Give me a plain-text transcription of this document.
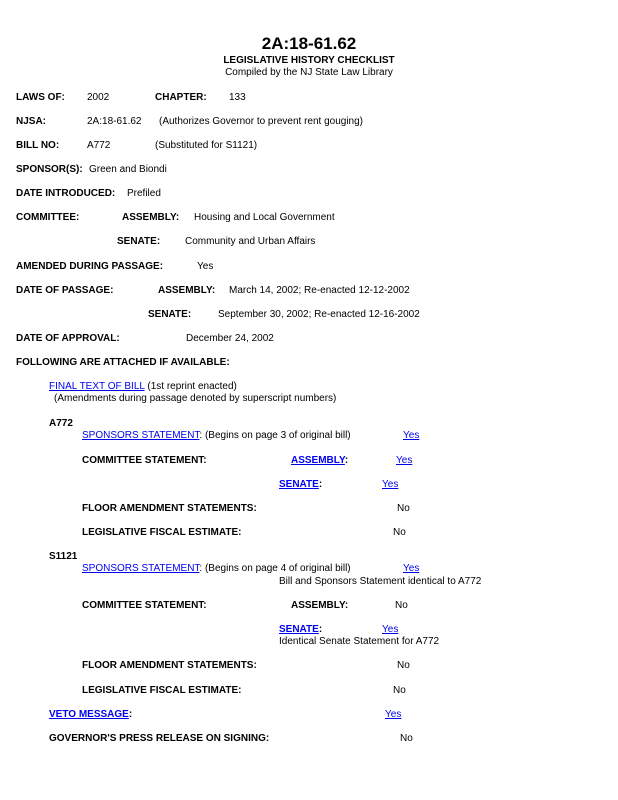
2A:18-61.62
LEGISLATIVE HISTORY CHECKLIST
Compiled by the NJ State Law Library
LAWS OF: 2002	CHAPTER: 133
NJSA:	2A:18-61.62 (Authorizes Governor to prevent rent gouging)
BILL NO:	A772	(Substituted for S1121)
SPONSOR(S): Green and Biondi
DATE INTRODUCED: Prefiled
COMMITTEE:	ASSEMBLY: Housing and Local Government
SENATE: Community and Urban Affairs
AMENDED DURING PASSAGE:	Yes
DATE OF PASSAGE:	ASSEMBLY: March 14, 2002; Re-enacted 12-12-2002
SENATE:	September 30, 2002; Re-enacted 12-16-2002
DATE OF APPROVAL:	December 24, 2002
FOLLOWING ARE ATTACHED IF AVAILABLE:
FINAL TEXT OF BILL (1st reprint enacted)
(Amendments during passage denoted by superscript numbers)
A772
SPONSORS STATEMENT: (Begins on page 3 of original bill)	Yes
COMMITTEE STATEMENT:	ASSEMBLY:	Yes
SENATE:	Yes
FLOOR AMENDMENT STATEMENTS:	No
LEGISLATIVE FISCAL ESTIMATE:	No
S1121
SPONSORS STATEMENT: (Begins on page 4 of original bill)	Yes
Bill and Sponsors Statement identical to A772
COMMITTEE STATEMENT:	ASSEMBLY:	No
SENATE:	Yes
Identical Senate Statement for A772
FLOOR AMENDMENT STATEMENTS:	No
LEGISLATIVE FISCAL ESTIMATE:	No
VETO MESSAGE:	Yes
GOVERNOR'S PRESS RELEASE ON SIGNING:	No
